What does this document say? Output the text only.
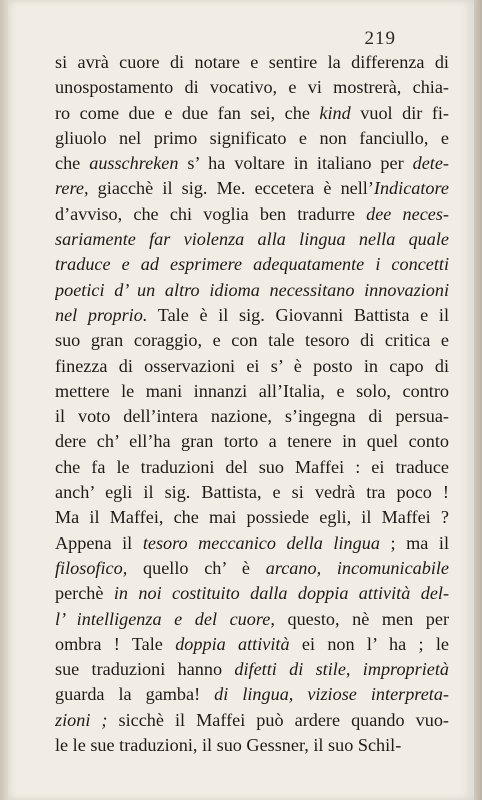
219
si avrà cuore di notare e sentire la differenza di
unospostamento di vocativo, e vi mostrerà, chia-
ro come due e due fan sei, che kind vuol dir fi-
gliuolo nel primo significato e non fanciullo, e
che ausschreken s’ ha voltare in italiano per dete-
rere, giacchè il sig. Me. eccetera è nell’Indicatore
d’avviso, che chi voglia ben tradurre dee neces-
sariamente far violenza alla lingua nella quale
traduce e ad esprimere adequatamente i concetti
poetici d’ un altro idioma necessitano innovazioni
nel proprio. Tale è il sig. Giovanni Battista e il
suo gran coraggio, e con tale tesoro di critica e
finezza di osservazioni ei s’ è posto in capo di
mettere le mani innanzi all’Italia, e solo, contro
il voto dell’intera nazione, s’ingegna di persua-
dere ch’ ell’ha gran torto a tenere in quel conto
che fa le traduzioni del suo Maffei : ei traduce
anch’ egli il sig. Battista, e si vedrà tra poco !
Ma il Maffei, che mai possiede egli, il Maffei ?
Appena il tesoro meccanico della lingua ; ma il
filosofico, quello ch’ è arcano, incomunicabile
perchè in noi costituito dalla doppia attività del-
l’ intelligenza e del cuore, questo, nè men per
ombra ! Tale doppia attività ei non l’ ha ; le
sue traduzioni hanno difetti di stile, improprietà
guarda la gamba! di lingua, viziose interpreta-
zioni ; sicchè il Maffei può ardere quando vuo-
le le sue traduzioni, il suo Gessner, il suo Schil-
